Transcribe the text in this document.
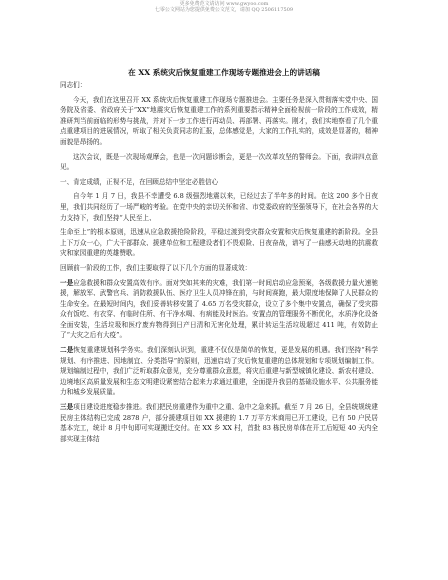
更多免费范文请访问 www.gwyoo.com
七零公文网站为您提供免费公文范文，请加 QQ 2506117509
在 XX 系统灾后恢复重建工作现场专题推进会上的讲话稿

同志们：

今天，我们在这里召开 XX 系统灾后恢复重建工作现场专题推进会。主要任务是深入贯彻落实党中央、国务院及省委、省政府关于“XX”地震灾后恢复重建工作的系列重要指示精神全面检视前一阶段的工作成效，精准研判当前面临的形势与挑战，并对下一步工作进行再动员、再部署、再落实。刚才，我们实地察看了几个重点重建项目的进展情况，听取了相关负责同志的汇报，总体感觉是，大家的工作扎实的，成效是显著的，精神面貌是昂扬的。

这次会议，既是一次现场观摩会，也是一次问题诊断会，更是一次改革攻坚的誓师会。下面，我讲四点意见。

一、肯定成绩，正视不足，在回顾总结中坚定必胜信心

自今年 1 月 7 日，我县不幸遭受 6.8 级强烈地震以来，已经过去了半年多的时间。在这 200 多个日夜里，我们共同经历了一场严峻的考验。在党中央的亲切关怀和省、市党委政府的坚强领导下，在社会各界的大力支持下，我们坚持“人民至上、

生命至上”的根本原则，迅速从应急救援抢险阶段，平稳过渡到受灾群众安置和灾后恢复重建的新阶段。全县上下万众一心，广大干部群众、援建单位和工程建设者们不畏艰险、日夜奋战，谱写了一曲感天动地的抗震救灾和家园重建的英雄赞歌。

回顾前一阶段的工作，我们主要取得了以下几个方面的显著成效：

一是应急救援和群众安置高效有序。面对突如其来的灾难，我们第一时间启动应急预案，各级救援力量火速驰援，解放军、武警官兵、消防救援队伍、医疗卫生人员冲锋在前，与时间赛跑，最大限度地保障了人民群众的生命安全。在最短时间内，我们妥善转移安置了 4.65 万名受灾群众，设立了多个集中安置点，确保了受灾群众有饭吃、有衣穿、有临时住所、有干净水喝、有病能及时医治。安置点的管理服务不断优化，水质净化设备全面安装，生活垃圾和医疗废弃物得到日产日清和无害化处理，累计转运生活垃圾超过 411 吨，有效防止了“大灾之后有大疫”。

二是恢复重建规划科学务实。我们深刻认识到，重建不仅仅是简单的恢复，更是发展的机遇。我们坚持“科学规划、有序推进、因地制宜、分类指导”的原则，迅速启动了灾后恢复重建的总体规划和专项规划编制工作。规划编制过程中，我们广泛听取群众意见，充分尊重群众意愿，将灾后重建与新型城镇化建设、新农村建设、边境地区高质量发展和生态文明建设紧密结合起来力求通过重建，全面提升我县的基础设施水平、公共服务能力和城乡发展质量。

三是项目建设进度稳步推进。我们把民房重建作为重中之重、急中之急来抓。截至 7 月 26 日，全县统规统建民房主体结构已完成 2878 户，部分援建项目如 XX 援建的 1.7 万平方米商用已开工建设，已有 50 户民居基本完工，统计 8 月中旬即可实现搬迁交付。在 XX 乡 XX 村，首批 83 栋民房单体在开工后短短 40 天内全部实现主体结
